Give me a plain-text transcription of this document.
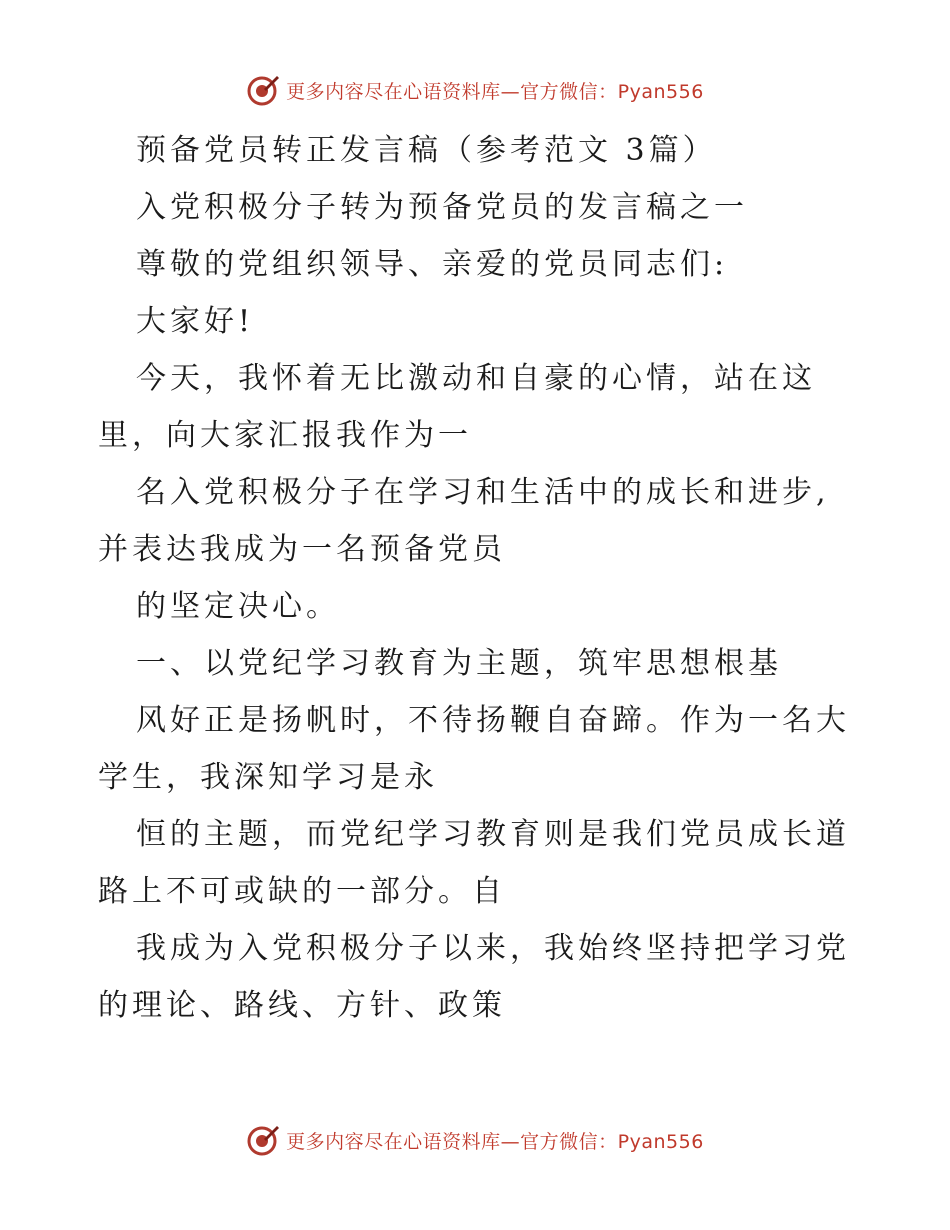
更多内容尽在心语资料库—官方微信：Pyan556
预备党员转正发言稿（参考范文 3篇）
入党积极分子转为预备党员的发言稿之一
尊敬的党组织领导、亲爱的党员同志们:
大家好!
今天，我怀着无比激动和自豪的心情，站在这
里，向大家汇报我作为一
名入党积极分子在学习和生活中的成长和进步,
并表达我成为一名预备党员
的坚定决心。
一、以党纪学习教育为主题，筑牢思想根基
风好正是扬帆时，不待扬鞭自奋蹄。作为一名大
学生，我深知学习是永
恒的主题，而党纪学习教育则是我们党员成长道
路上不可或缺的一部分。自
我成为入党积极分子以来，我始终坚持把学习党
的理论、路线、方针、政策
更多内容尽在心语资料库—官方微信：Pyan556
